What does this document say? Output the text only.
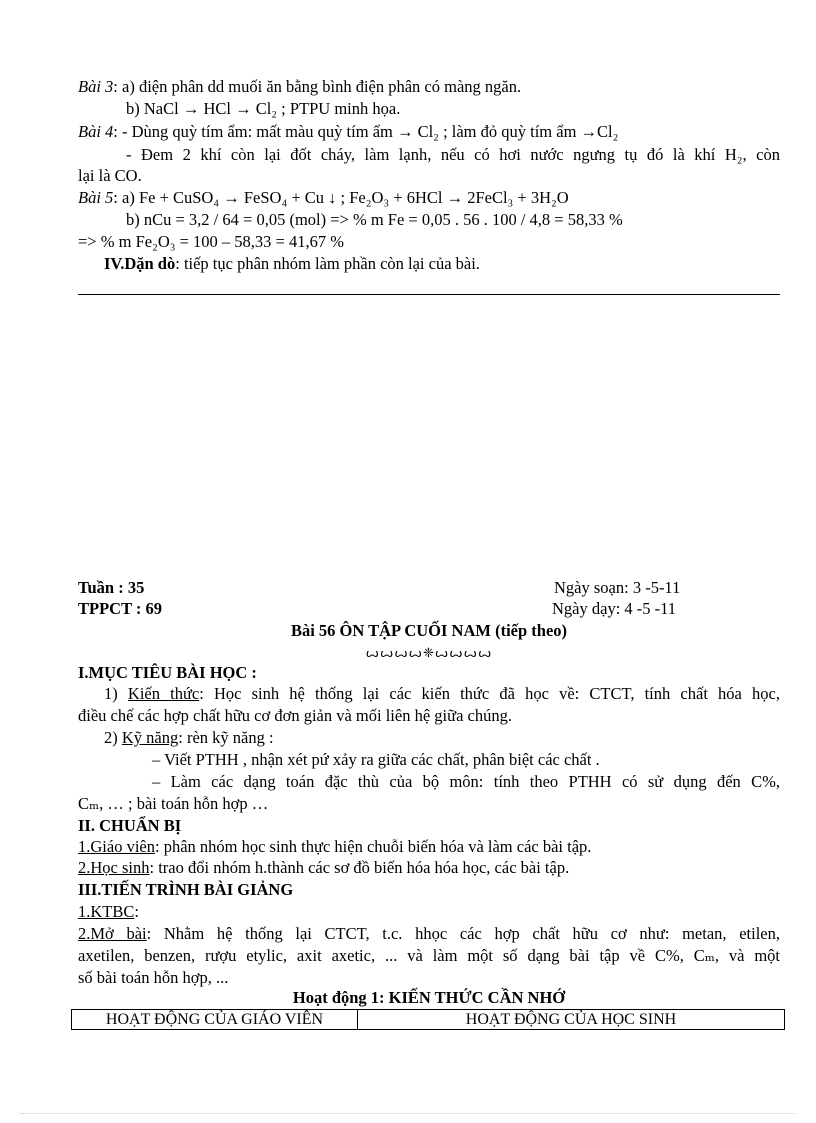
Bài 3: a) điện phân dd muối ăn bằng bình điện phân có màng ngăn.
b) NaCl → HCl → Cl₂ ; PTPU minh họa.
Bài 4: - Dùng quỳ tím ẩm: mất màu quỳ tím ẩm → Cl₂ ; làm đỏ quỳ tím ẩm →Cl₂
- Đem 2 khí còn lại đốt cháy, làm lạnh, nếu có hơi nước ngưng tụ đó là khí H₂, còn
lại là CO.
Bài 5: a) Fe + CuSO₄ → FeSO₄ + Cu ↓ ; Fe₂O₃ + 6HCl → 2FeCl₃ + 3H₂O
b) nCu = 3,2 / 64 = 0,05 (mol) => % m Fe = 0,05 . 56 . 100 / 4,8 = 58,33 %
=> % m Fe₂O₃ = 100 – 58,33 = 41,67 %
IV.Dặn dò: tiếp tục phân nhóm làm phần còn lại của bài.
Tuần : 35
TPPCT : 69
Ngày soạn: 3 -5-11
Ngày dạy: 4 -5 -11
Bài 56 ÔN TẬP CUỐI NAM (tiếp theo)
ꙍꙍꙍꙍ❈ꙍꙍꙍꙍ
I.MỤC TIÊU BÀI HỌC :
1) Kiến thức: Học sinh hệ thống lại các kiến thức đã học về: CTCT, tính chất hóa học,
điều chế các hợp chất hữu cơ đơn giản và mối liên hệ giữa chúng.
2) Kỹ năng: rèn kỹ năng :
– Viết PTHH , nhận xét pứ xảy ra giữa các chất, phân biệt các chất .
– Làm các dạng toán đặc thù của bộ môn: tính theo PTHH có sử dụng đến C%,
Cₘ, … ; bài toán hỗn hợp …
II. CHUẨN BỊ
1.Giáo viên: phân nhóm học sinh thực hiện chuỗi biến hóa và làm các bài tập.
2.Học sinh: trao đổi nhóm h.thành các sơ đồ biến hóa hóa học, các bài tập.
III.TIẾN TRÌNH BÀI GIẢNG
1.KTBC:
2.Mở bài: Nhằm hệ thống lại CTCT, t.c. hhọc các hợp chất hữu cơ như: metan, etilen,
axetilen, benzen, rượu etylic, axit axetic, ... và làm một số dạng bài tập về C%, Cₘ, và một
số bài toán hỗn hợp, ...
Hoạt động 1: KIẾN THỨC CẦN NHỚ
HOẠT ĐỘNG CỦA GIÁO VIÊN	HOẠT ĐỘNG CỦA HỌC SINH
